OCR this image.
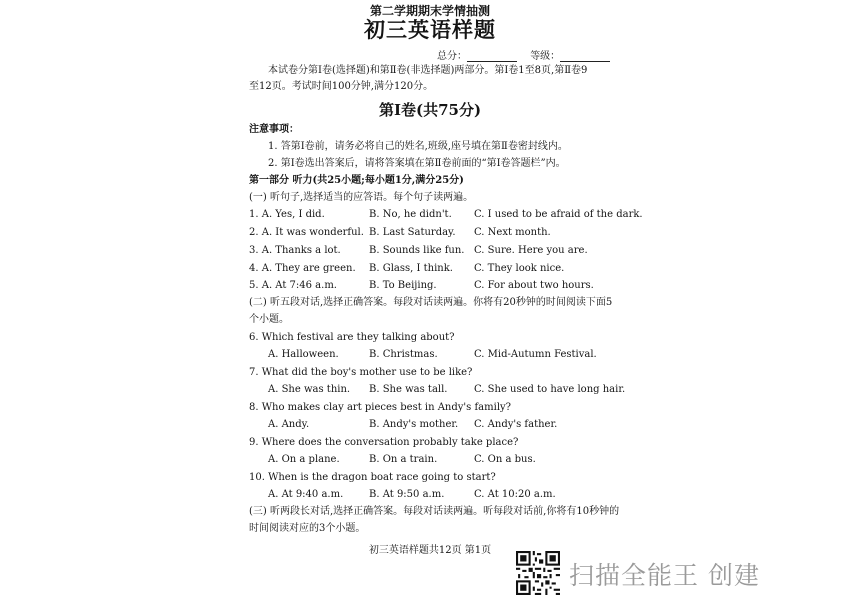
第二学期期末学情抽测
初三英语样题
总分：	等级：
本试卷分第Ⅰ卷(选择题)和第Ⅱ卷(非选择题)两部分。第Ⅰ卷1至8页,第Ⅱ卷9
至12页。考试时间100分钟,满分120分。
第Ⅰ卷(共75分)
注意事项：
1. 答第Ⅰ卷前，请务必将自己的姓名,班级,座号填在第Ⅱ卷密封线内。
2. 第Ⅰ卷选出答案后，请将答案填在第Ⅱ卷前面的“第Ⅰ卷答题栏”内。
第一部分 听力(共25小题;每小题1分,满分25分)
(一) 听句子,选择适当的应答语。每个句子读两遍。
1. A. Yes, I did.	B. No, he didn't. C. I used to be afraid of the dark.
2. A. It was wonderful. B. Last Saturday. C. Next month.
3. A. Thanks a lot.	B. Sounds like fun. C. Sure. Here you are.
4. A. They are green. B. Glass, I think. C. They look nice.
5. A. At 7:46 a.m.	B. To Beijing.	C. For about two hours.
(二) 听五段对话,选择正确答案。每段对话读两遍。你将有20秒钟的时间阅读下面5
个小题。
6. Which festival are they talking about?
A. Halloween.	B. Christmas.	C. Mid-Autumn Festival.
7. What did the boy's mother use to be like?
A. She was thin. B. She was tall.	C. She used to have long hair.
8. Who makes clay art pieces best in Andy's family?
A. Andy.	B. Andy's mother. C. Andy's father.
9. Where does the conversation probably take place?
A. On a plane.	B. On a train.	C. On a bus.
10. When is the dragon boat race going to start?
A. At 9:40 a.m.	B. At 9:50 a.m.	C. At 10:20 a.m.
(三) 听两段长对话,选择正确答案。每段对话读两遍。听每段对话前,你将有10秒钟的
时间阅读对应的3个小题。
初三英语样题共12页 第1页
扫描全能王 创建
